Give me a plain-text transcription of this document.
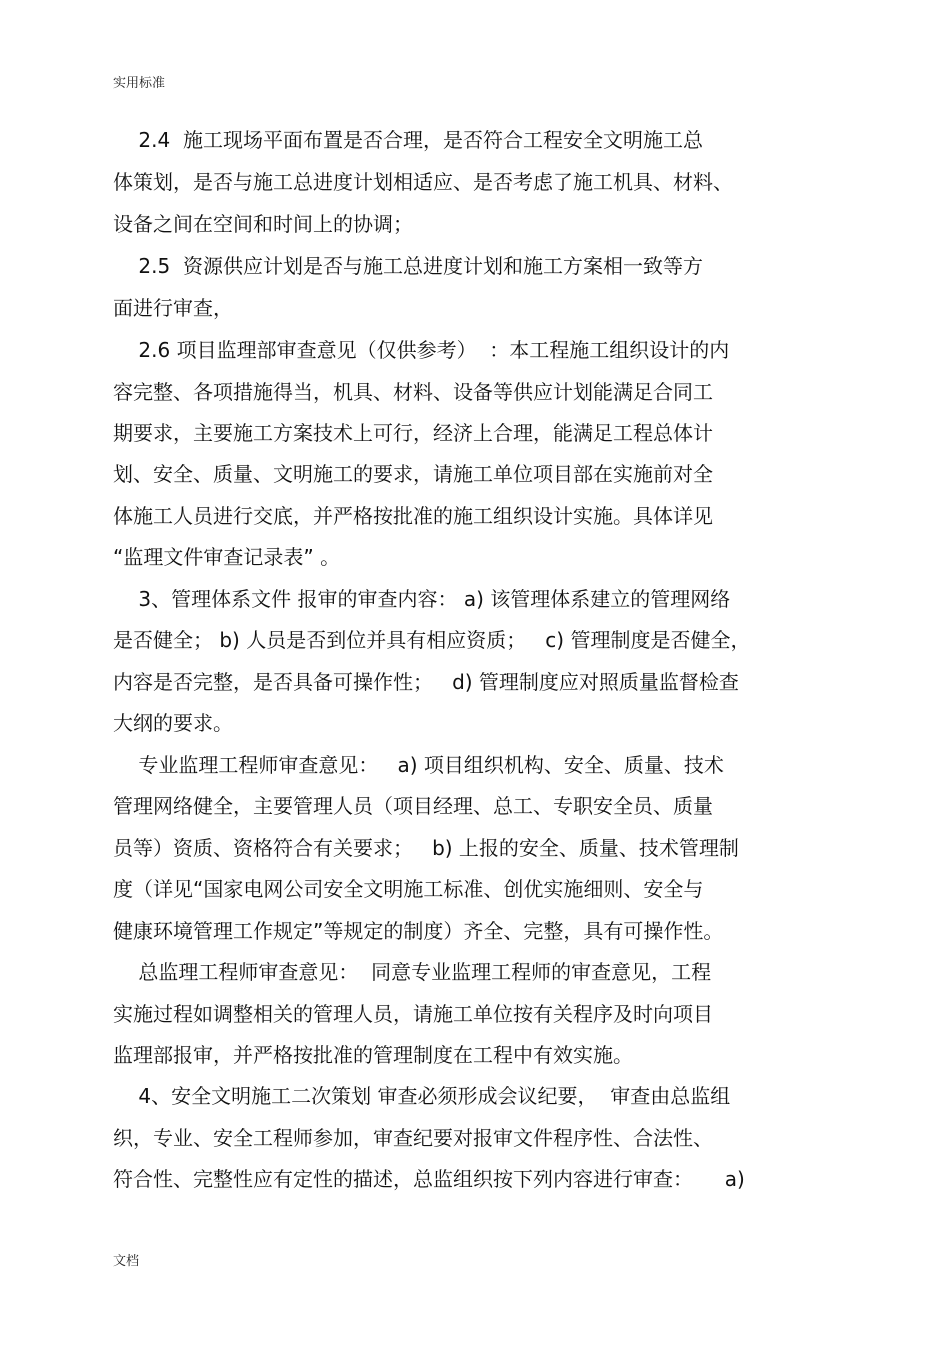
实用标准
2.4  施工现场平面布置是否合理，是否符合工程安全文明施工总
体策划，是否与施工总进度计划相适应、是否考虑了施工机具、材料、
设备之间在空间和时间上的协调；
2.5  资源供应计划是否与施工总进度计划和施工方案相一致等方
面进行审查，
2.6 项目监理部审查意见（仅供参考）  ：本工程施工组织设计的内
容完整、各项措施得当，机具、材料、设备等供应计划能满足合同工
期要求，主要施工方案技术上可行，经济上合理，能满足工程总体计
划、安全、质量、文明施工的要求，请施工单位项目部在实施前对全
体施工人员进行交底，并严格按批准的施工组织设计实施。具体详见
“监理文件审查记录表” 。
3、管理体系文件 报审的审查内容： a) 该管理体系建立的管理网络
是否健全； b) 人员是否到位并具有相应资质；   c) 管理制度是否健全，
内容是否完整，是否具备可操作性；   d) 管理制度应对照质量监督检查
大纲的要求。
专业监理工程师审查意见：   a) 项目组织机构、安全、质量、技术
管理网络健全，主要管理人员（项目经理、总工、专职安全员、质量
员等）资质、资格符合有关要求；   b) 上报的安全、质量、技术管理制
度（详见“国家电网公司安全文明施工标准、创优实施细则、安全与
健康环境管理工作规定”等规定的制度）齐全、完整，具有可操作性。
总监理工程师审查意见：  同意专业监理工程师的审查意见，工程
实施过程如调整相关的管理人员，请施工单位按有关程序及时向项目
监理部报审，并严格按批准的管理制度在工程中有效实施。
4、安全文明施工二次策划 审查必须形成会议纪要，  审查由总监组
织，专业、安全工程师参加，审查纪要对报审文件程序性、合法性、
符合性、完整性应有定性的描述，总监组织按下列内容进行审查：     a)
文档
